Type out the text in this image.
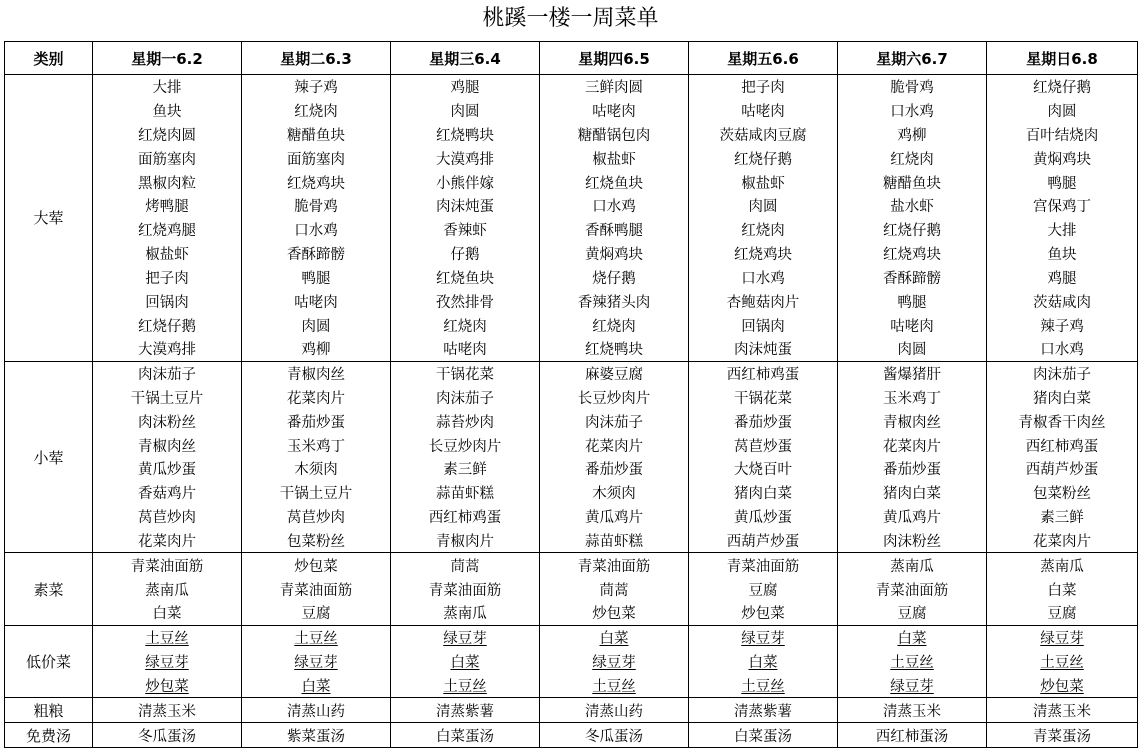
桃蹊一楼一周菜单
类别	星期一6.2	星期二6.3	星期三6.4	星期四6.5	星期五6.6	星期六6.7	星期日6.8
大荤	大排	辣子鸡	鸡腿	三鲜肉圆	把子肉	脆骨鸡	红烧仔鹅
	鱼块	红烧肉	肉圆	咕咾肉	咕咾肉	口水鸡	肉圆
	红烧肉圆	糖醋鱼块	红烧鸭块	糖醋锅包肉	茨菇咸肉豆腐	鸡柳	百叶结烧肉
	面筋塞肉	面筋塞肉	大漠鸡排	椒盐虾	红烧仔鹅	红烧肉	黄焖鸡块
	黑椒肉粒	红烧鸡块	小熊伴嫁	红烧鱼块	椒盐虾	糖醋鱼块	鸭腿
	烤鸭腿	脆骨鸡	肉沫炖蛋	口水鸡	肉圆	盐水虾	宫保鸡丁
	红烧鸡腿	口水鸡	香辣虾	香酥鸭腿	红烧肉	红烧仔鹅	大排
	椒盐虾	香酥蹄髈	仔鹅	黄焖鸡块	红烧鸡块	红烧鸡块	鱼块
	把子肉	鸭腿	红烧鱼块	烧仔鹅	口水鸡	香酥蹄髈	鸡腿
	回锅肉	咕咾肉	孜然排骨	香辣猪头肉	杏鲍菇肉片	鸭腿	茨菇咸肉
	红烧仔鹅	肉圆	红烧肉	红烧肉	回锅肉	咕咾肉	辣子鸡
	大漠鸡排	鸡柳	咕咾肉	红烧鸭块	肉沫炖蛋	肉圆	口水鸡
小荤	肉沫茄子	青椒肉丝	干锅花菜	麻婆豆腐	西红柿鸡蛋	酱爆猪肝	肉沫茄子
	干锅土豆片	花菜肉片	肉沫茄子	长豆炒肉片	干锅花菜	玉米鸡丁	猪肉白菜
	肉沫粉丝	番茄炒蛋	蒜苔炒肉	肉沫茄子	番茄炒蛋	青椒肉丝	青椒香干肉丝
	青椒肉丝	玉米鸡丁	长豆炒肉片	花菜肉片	莴苣炒蛋	花菜肉片	西红柿鸡蛋
	黄瓜炒蛋	木须肉	素三鲜	番茄炒蛋	大烧百叶	番茄炒蛋	西葫芦炒蛋
	香菇鸡片	干锅土豆片	蒜苗虾糕	木须肉	猪肉白菜	猪肉白菜	包菜粉丝
	莴苣炒肉	莴苣炒肉	西红柿鸡蛋	黄瓜鸡片	黄瓜炒蛋	黄瓜鸡片	素三鲜
	花菜肉片	包菜粉丝	青椒肉片	蒜苗虾糕	西葫芦炒蛋	肉沫粉丝	花菜肉片
素菜	青菜油面筋	炒包菜	茼蒿	青菜油面筋	青菜油面筋	蒸南瓜	蒸南瓜
	蒸南瓜	青菜油面筋	青菜油面筋	茼蒿	豆腐	青菜油面筋	白菜
	白菜	豆腐	蒸南瓜	炒包菜	炒包菜	豆腐	豆腐
低价菜	土豆丝	土豆丝	绿豆芽	白菜	绿豆芽	白菜	绿豆芽
	绿豆芽	绿豆芽	白菜	绿豆芽	白菜	土豆丝	土豆丝
	炒包菜	白菜	土豆丝	土豆丝	土豆丝	绿豆芽	炒包菜
粗粮	清蒸玉米	清蒸山药	清蒸紫薯	清蒸山药	清蒸紫薯	清蒸玉米	清蒸玉米
免费汤	冬瓜蛋汤	紫菜蛋汤	白菜蛋汤	冬瓜蛋汤	白菜蛋汤	西红柿蛋汤	青菜蛋汤
